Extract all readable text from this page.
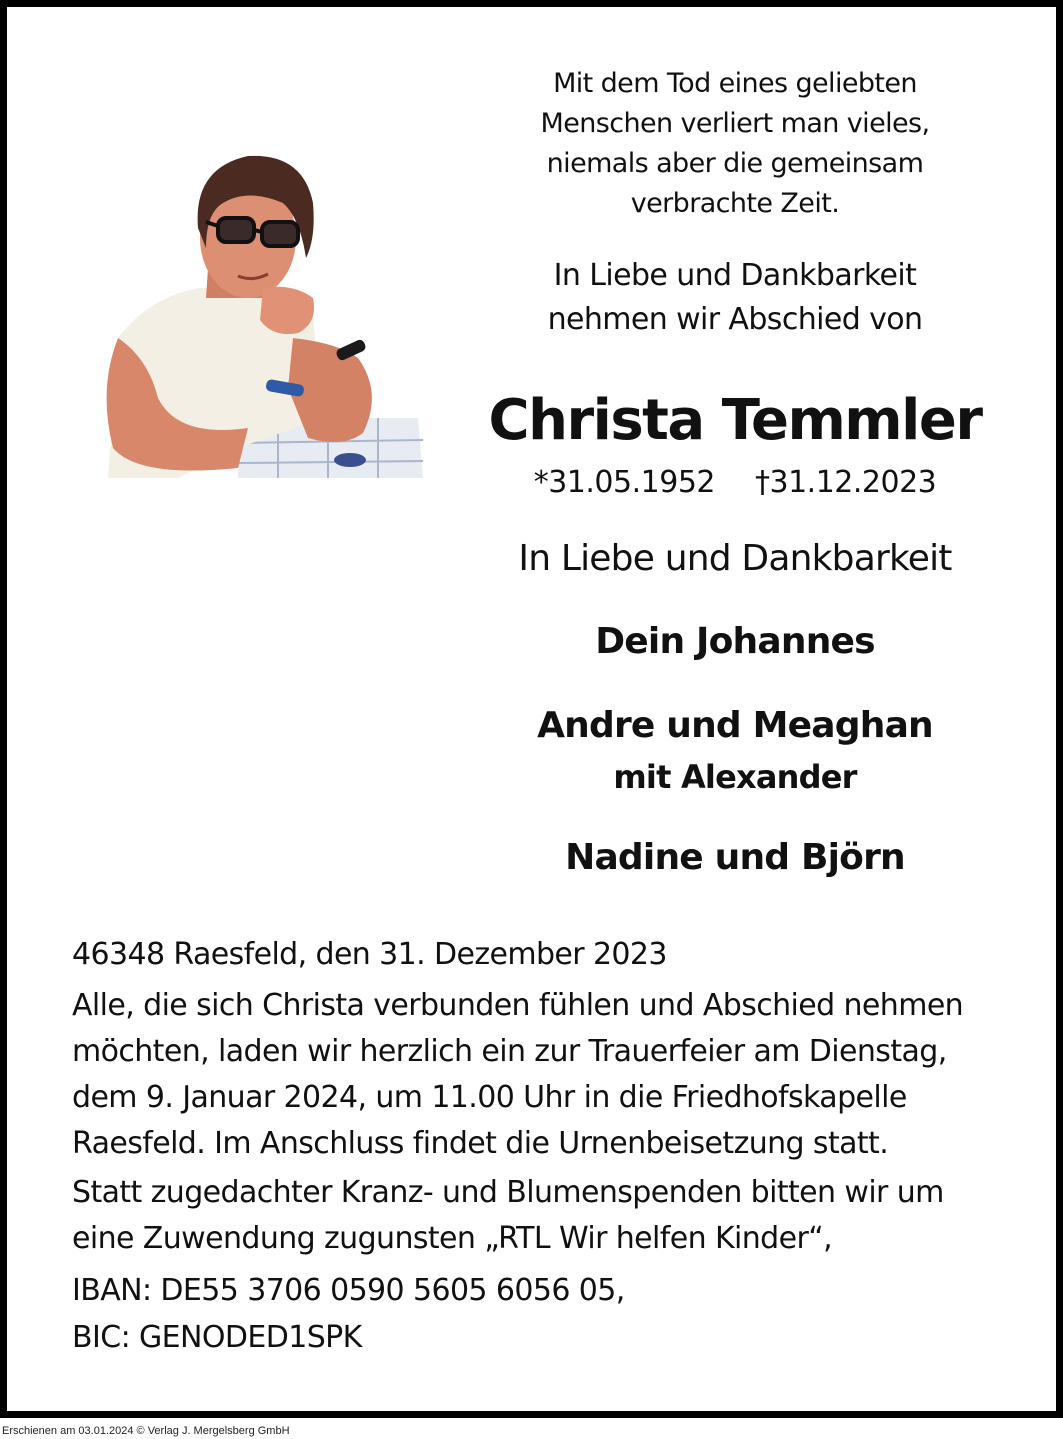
Mit dem Tod eines geliebten
Menschen verliert man vieles,
niemals aber die gemeinsam
verbrachte Zeit.
In Liebe und Dankbarkeit
nehmen wir Abschied von
Christa Temmler
*31.05.1952 †31.12.2023
In Liebe und Dankbarkeit
Dein Johannes
Andre und Meaghan
mit Alexander
Nadine und Björn
46348 Raesfeld, den 31. Dezember 2023
Alle, die sich Christa verbunden fühlen und Abschied nehmen
möchten, laden wir herzlich ein zur Trauerfeier am Dienstag,
dem 9. Januar 2024, um 11.00 Uhr in die Friedhofskapelle
Raesfeld. Im Anschluss findet die Urnenbeisetzung statt.
Statt zugedachter Kranz- und Blumenspenden bitten wir um
eine Zuwendung zugunsten „RTL Wir helfen Kinder“,
IBAN: DE55 3706 0590 5605 6056 05,
BIC: GENODED1SPK
Erschienen am 03.01.2024 © Verlag J. Mergelsberg GmbH
